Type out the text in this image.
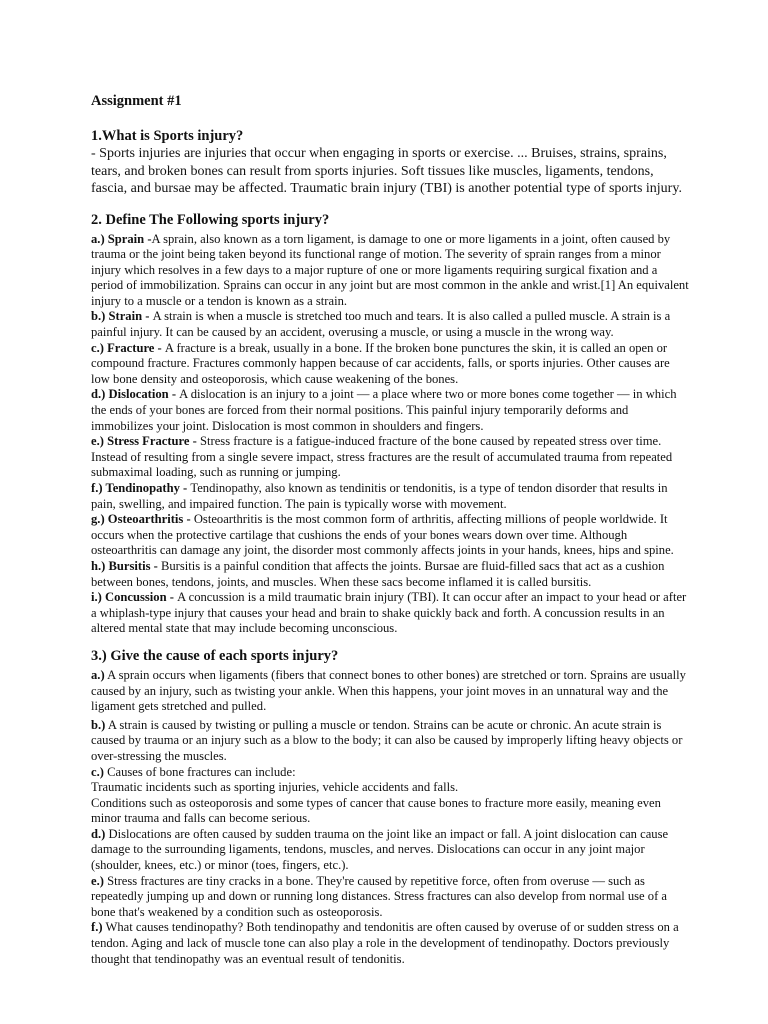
Assignment #1

1.What is Sports injury?

- Sports injuries are injuries that occur when engaging in sports or exercise. ... Bruises, strains, sprains, tears, and broken bones can result from sports injuries. Soft tissues like muscles, ligaments, tendons, fascia, and bursae may be affected. Traumatic brain injury (TBI) is another potential type of sports injury.

2. Define The Following sports injury?

a.) Sprain -A sprain, also known as a torn ligament, is damage to one or more ligaments in a joint, often caused by trauma or the joint being taken beyond its functional range of motion. The severity of sprain ranges from a minor injury which resolves in a few days to a major rupture of one or more ligaments requiring surgical fixation and a period of immobilization. Sprains can occur in any joint but are most common in the ankle and wrist.[1] An equivalent injury to a muscle or a tendon is known as a strain.

b.) Strain - A strain is when a muscle is stretched too much and tears. It is also called a pulled muscle. A strain is a painful injury. It can be caused by an accident, overusing a muscle, or using a muscle in the wrong way.

c.) Fracture - A fracture is a break, usually in a bone. If the broken bone punctures the skin, it is called an open or compound fracture. Fractures commonly happen because of car accidents, falls, or sports injuries. Other causes are low bone density and osteoporosis, which cause weakening of the bones.

d.) Dislocation - A dislocation is an injury to a joint — a place where two or more bones come together — in which the ends of your bones are forced from their normal positions. This painful injury temporarily deforms and immobilizes your joint. Dislocation is most common in shoulders and fingers.

e.) Stress Fracture - Stress fracture is a fatigue-induced fracture of the bone caused by repeated stress over time. Instead of resulting from a single severe impact, stress fractures are the result of accumulated trauma from repeated submaximal loading, such as running or jumping.

f.) Tendinopathy - Tendinopathy, also known as tendinitis or tendonitis, is a type of tendon disorder that results in pain, swelling, and impaired function. The pain is typically worse with movement.

g.) Osteoarthritis - Osteoarthritis is the most common form of arthritis, affecting millions of people worldwide. It occurs when the protective cartilage that cushions the ends of your bones wears down over time. Although osteoarthritis can damage any joint, the disorder most commonly affects joints in your hands, knees, hips and spine.

h.) Bursitis - Bursitis is a painful condition that affects the joints. Bursae are fluid-filled sacs that act as a cushion between bones, tendons, joints, and muscles. When these sacs become inflamed it is called bursitis.

i.) Concussion - A concussion is a mild traumatic brain injury (TBI). It can occur after an impact to your head or after a whiplash-type injury that causes your head and brain to shake quickly back and forth. A concussion results in an altered mental state that may include becoming unconscious.

3.) Give the cause of each sports injury?

a.) A sprain occurs when ligaments (fibers that connect bones to other bones) are stretched or torn. Sprains are usually caused by an injury, such as twisting your ankle. When this happens, your joint moves in an unnatural way and the ligament gets stretched and pulled.

b.) A strain is caused by twisting or pulling a muscle or tendon. Strains can be acute or chronic. An acute strain is caused by trauma or an injury such as a blow to the body; it can also be caused by improperly lifting heavy objects or over-stressing the muscles.

c.) Causes of bone fractures can include:

Traumatic incidents such as sporting injuries, vehicle accidents and falls.

Conditions such as osteoporosis and some types of cancer that cause bones to fracture more easily, meaning even minor trauma and falls can become serious.

d.) Dislocations are often caused by sudden trauma on the joint like an impact or fall. A joint dislocation can cause damage to the surrounding ligaments, tendons, muscles, and nerves. Dislocations can occur in any joint major (shoulder, knees, etc.) or minor (toes, fingers, etc.).

e.) Stress fractures are tiny cracks in a bone. They're caused by repetitive force, often from overuse — such as repeatedly jumping up and down or running long distances. Stress fractures can also develop from normal use of a bone that's weakened by a condition such as osteoporosis.

f.) What causes tendinopathy? Both tendinopathy and tendonitis are often caused by overuse of or sudden stress on a tendon. Aging and lack of muscle tone can also play a role in the development of tendinopathy. Doctors previously thought that tendinopathy was an eventual result of tendonitis.
